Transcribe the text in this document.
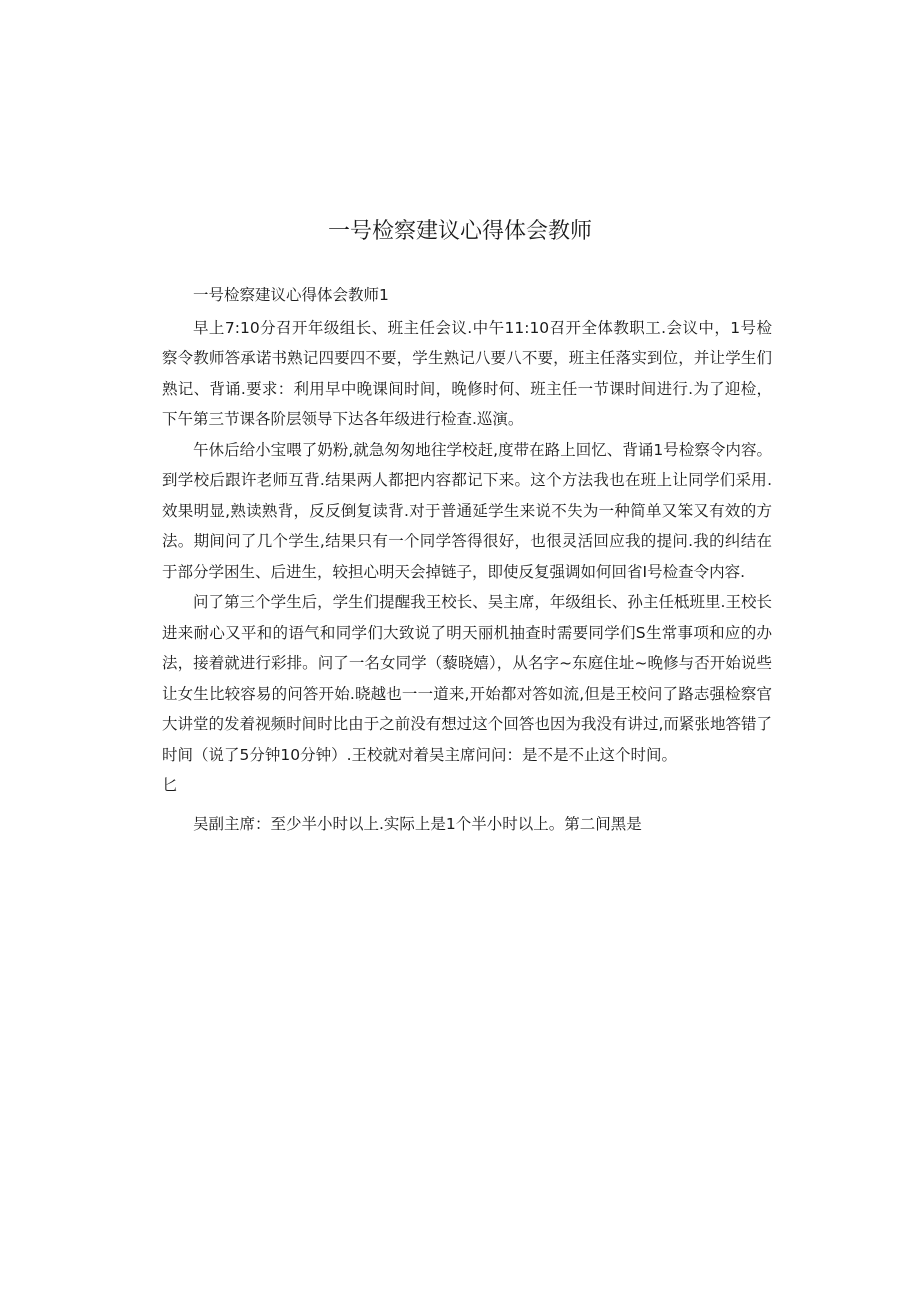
一号检察建议心得体会教师

一号检察建议心得体会教师1

早上7:10分召开年级组长、班主任会议.中午11:10召开全体教职工.会议中，1号检察令教师答承诺书熟记四要四不要，学生熟记八要八不要，班主任落实到位，并让学生们熟记、背诵.要求：利用早中晚课间时间，晚修时何、班主任一节课时间进行.为了迎检，下午第三节课各阶层领导下达各年级进行检查.巡演。

午休后给小宝喂了奶粉,就急匆匆地往学校赶,度带在路上回忆、背诵1号检察令内容。到学校后跟许老师互背.结果两人都把内容都记下来。这个方法我也在班上让同学们采用.效果明显,熟读熟背，反反倒复读背.对于普通延学生来说不失为一种简单又笨又有效的方法。期间问了几个学生,结果只有一个同学答得很好，也很灵活回应我的提问.我的纠结在于部分学困生、后进生，较担心明天会掉链子，即使反复强调如何回省I号检查令内容.

问了第三个学生后，学生们提醒我王校长、吴主席，年级组长、孙主任柢班里.王校长进来耐心又平和的语气和同学们大致说了明天丽机抽查时需要同学们S生常事项和应的办法，接着就进行彩排。问了一名女同学（藜晓嬉），从名字~东庭住址~晚修与否开始说些让女生比较容易的问答开始.晓越也一一道来,开始都对答如流,但是王校问了路志强检察官大讲堂的发着视频时间时比由于之前没有想过这个回答也因为我没有讲过,而紧张地答错了时间（说了5分钟10分钟）.王校就对着吴主席问问：是不是不止这个时间。

匕

吴副主席：至少半小时以上.实际上是1个半小时以上。第二间黑是
